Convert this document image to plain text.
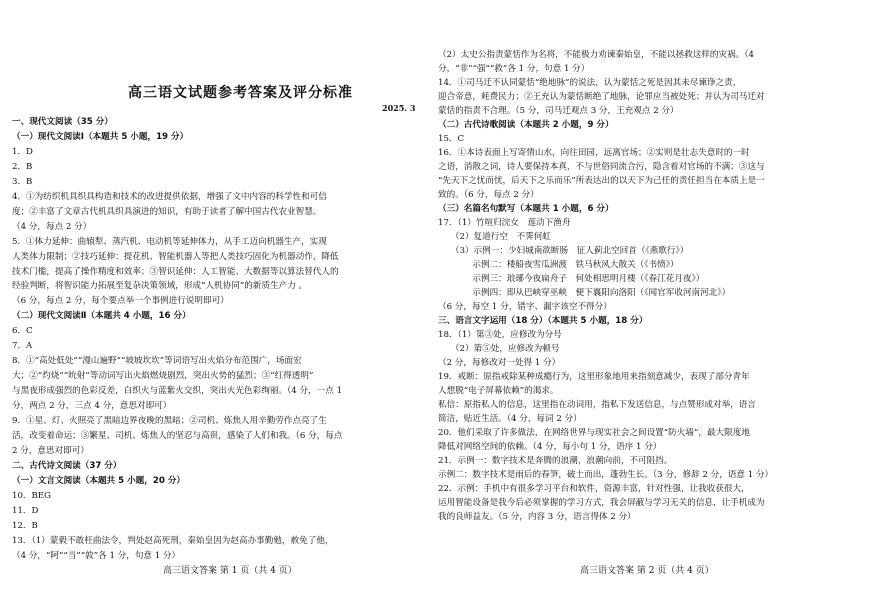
高三语文试题参考答案及评分标准
2025. 3
一、现代文阅读（35 分）
（一）现代文阅读Ⅰ（本题共 5 小题，19 分）
1．D
2．B
3．B
4．①为纺织机具织具构造和技术的改进提供依据，增强了文中内容的科学性和可信
度；②丰富了文章古代机具织具演进的知识，有助于读者了解中国古代农业智慧。
（4 分，每点 2 分）
5．①体力延伸：曲辕犁、蒸汽机、电动机等延伸体力，从手工迈向机器生产，实现
人类体力限制；②技巧延伸：提花机、智能机器人等把人类技巧固化为机器动作，降低
技术门槛，提高了操作精度和效率；③智识延伸：人工智能、大数据等以算法替代人的
经验判断，将智识能力拓展至复杂决策领域，形成“人机协同”的新质生产力 。
（6 分，每点 2 分，每个要点举一个事例进行说明即可）
（二）现代文阅读Ⅱ（本题共 4 小题，16 分）
6．C
7．A
8．①“高处低处”“漫山遍野”“坡坡坎坎”等词语写出火焰分布范围广，场面宏
大；②“灼烧”“吮射”等动词写出火焰燃烧剧烈，突出火势的猛烈；③“红得透明”
与黑夜形成强烈的色彩反差，白织火与蓝紫火交织，突出火光色彩绚丽。（4 分，一点 1
分，两点 2 分，三点 4 分，意思对即可）
9．①星、灯、火照亮了黑暗边界夜晚的黑暗；②司机、炼焦人用辛勤劳作点亮了生
活，改变着命运；③繁星、司机、炼焦人的坚忍与高贵，感染了人们和我。（6 分，每点
2 分，意思对即可）
二、古代诗文阅读（37 分）
（一）文言文阅读（本题共 5 小题，20 分）
10．BEG
11．D
12．B
13．（1）蒙毅不敢枉曲法令，判处赵高死刑，秦始皇因为赵高办事勤勉，赦免了他，
（4 分，“阿”“当”“敦”各 1 分，句意 1 分）
（2）太史公指责蒙恬作为名将，不能极力劝谏秦始皇，不能以拯救这样的灾祸。（4
分，“非”“强”“救”各 1 分，句意 1 分）
14．①司马迁不认同蒙恬“绝地脉”的说法，认为蒙恬之死是因其未尽谏诤之责，
迎合帝意，耗费民力；②王充认为蒙恬断绝了地脉，论罪应当被处死；并认为司马迁对
蒙恬的指责不合理。（5 分，司马迁观点 3 分，王充观点 2 分）
（二）古代诗歌阅读（本题共 2 小题，9 分）
15．C
16．①本诗表面上写寄情山水，向往田园，远离官场；②实则是壮志失意时的一时
之语，消散之词，诗人要保持本真，不与世俗同流合污，隐含着对官场的不满；③这与
“先天下之忧而忧，后天下之乐而乐”所表达出的以天下为己任的责任担当在本质上是一
致的。（6 分，每点 2 分）
（三）名篇名句默写（本题共 1 小题，6 分）
17．（1）竹喧归浣女　莲动下渔舟
　　（2）复道行空　不霁何虹
　　（3）示例一：少妇城南欲断肠　征人蓟北空回首（《燕歌行》）
　　　　示例二：楼船夜雪瓜洲渡　铁马秋风大散关（《书愤》）
　　　　示例三：琅琊今夜扁舟子　何处相思明月楼（《春江花月夜》）
　　　　示例四：即从巴峡穿巫峡　便下襄阳向洛阳（《闻官军收河南河北》）
（6 分，每空 1 分，错字、漏字该空不得分）
三、语言文字运用（18 分）（本题共 5 小题，18 分）
18．（1）第③处，应修改为分号
　　（2）第⑤处，应修改为顿号
（2 分，每修改对一处得 1 分）
19．戒断：原指戒除某种成瘾行为，这里形象地用来指刻意减少，表现了部分青年
人想脱“电子屏幕依赖”的渴求。
私信：原指私人的信息，这里指在动词用，指私下发送信息，与点赞形成对举，语言
简洁，贴近生活。（4 分，每词 2 分）
20．他们采取了许多做法，在网络世界与现实社会之间设置“防火墙”，最大限度地
降低对网络空间的依赖。（4 分，每小句 1 分，语序 1 分）
21．示例一：数字技术是奔腾的浪潮，浪潮向前，不可阻挡。
示例二：数字技术是雨后的春笋，破土而出，蓬勃生长。（3 分，修辞 2 分，语意 1 分）
22．示例：手机中有很多学习平台和软件，资源丰富，针对性强，让我收获很大，
运用智能设备是我今后必须掌握的学习方式，我会屏蔽与学习无关的信息，让手机成为
我的良师益友。（5 分，内容 3 分，语言得体 2 分）
高三语文答案 第 1 页（共 4 页）	高三语文答案 第 2 页（共 4 页）
